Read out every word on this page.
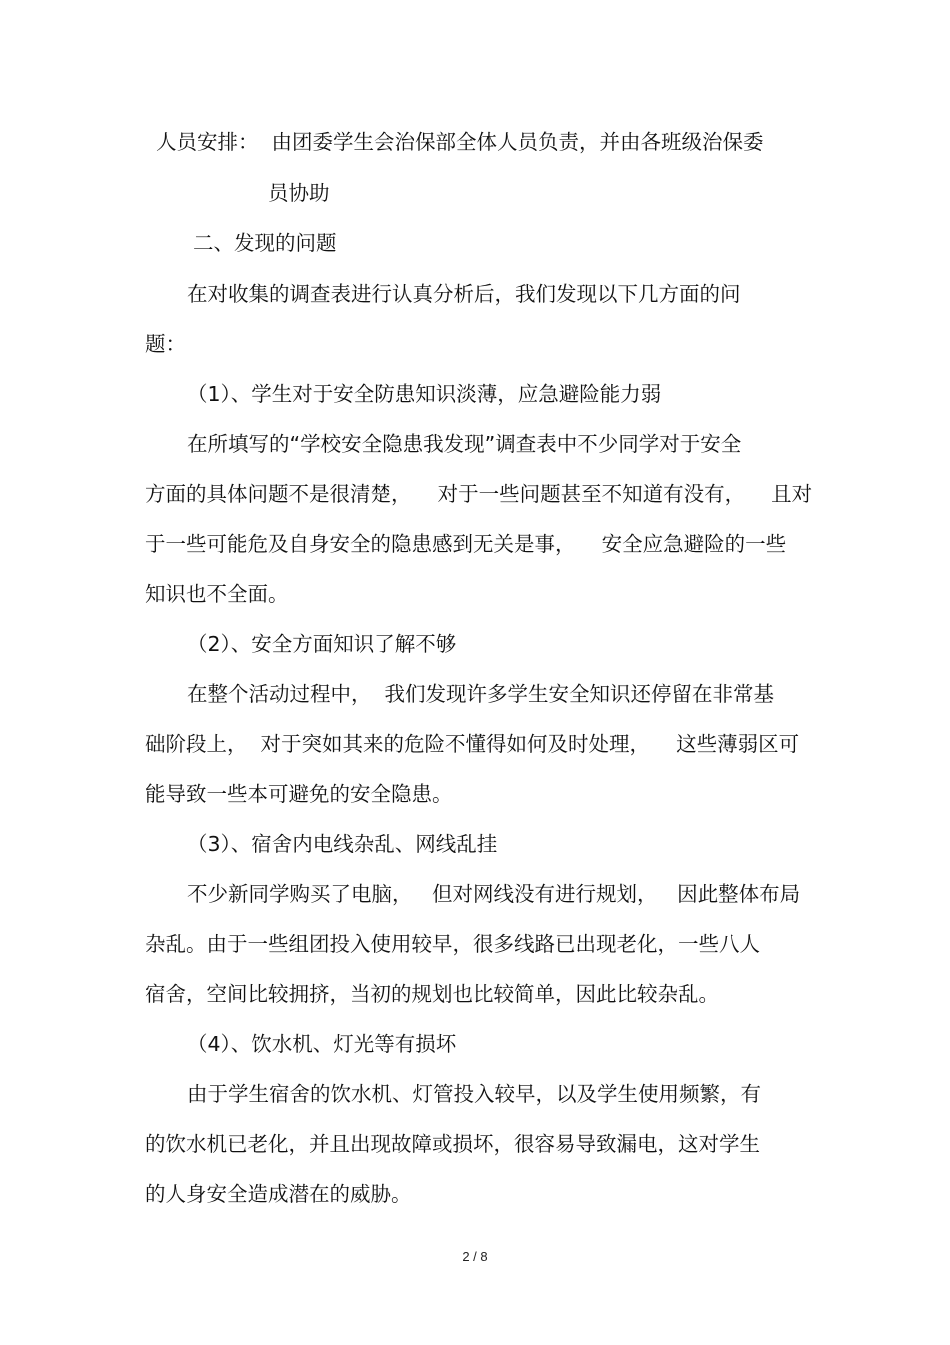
人员安排：  由团委学生会治保部全体人员负责，并由各班级治保委
员协助
二、发现的问题
在对收集的调查表进行认真分析后，我们发现以下几方面的问
题：
（1）、学生对于安全防患知识淡薄，应急避险能力弱
在所填写的“学校安全隐患我发现”调查表中不少同学对于安全
方面的具体问题不是很清楚，    对于一些问题甚至不知道有没有，    且对
于一些可能危及自身安全的隐患感到无关是事，    安全应急避险的一些
知识也不全面。
（2）、安全方面知识了解不够
在整个活动过程中，  我们发现许多学生安全知识还停留在非常基
础阶段上，  对于突如其来的危险不懂得如何及时处理，    这些薄弱区可
能导致一些本可避免的安全隐患。
（3）、宿舍内电线杂乱、网线乱挂
不少新同学购买了电脑，   但对网线没有进行规划，   因此整体布局
杂乱。由于一些组团投入使用较早，很多线路已出现老化，一些八人
宿舍，空间比较拥挤，当初的规划也比较简单，因此比较杂乱。
（4）、饮水机、灯光等有损坏
由于学生宿舍的饮水机、灯管投入较早，以及学生使用频繁，有
的饮水机已老化，并且出现故障或损坏，很容易导致漏电，这对学生
的人身安全造成潜在的威胁。
2 / 8
